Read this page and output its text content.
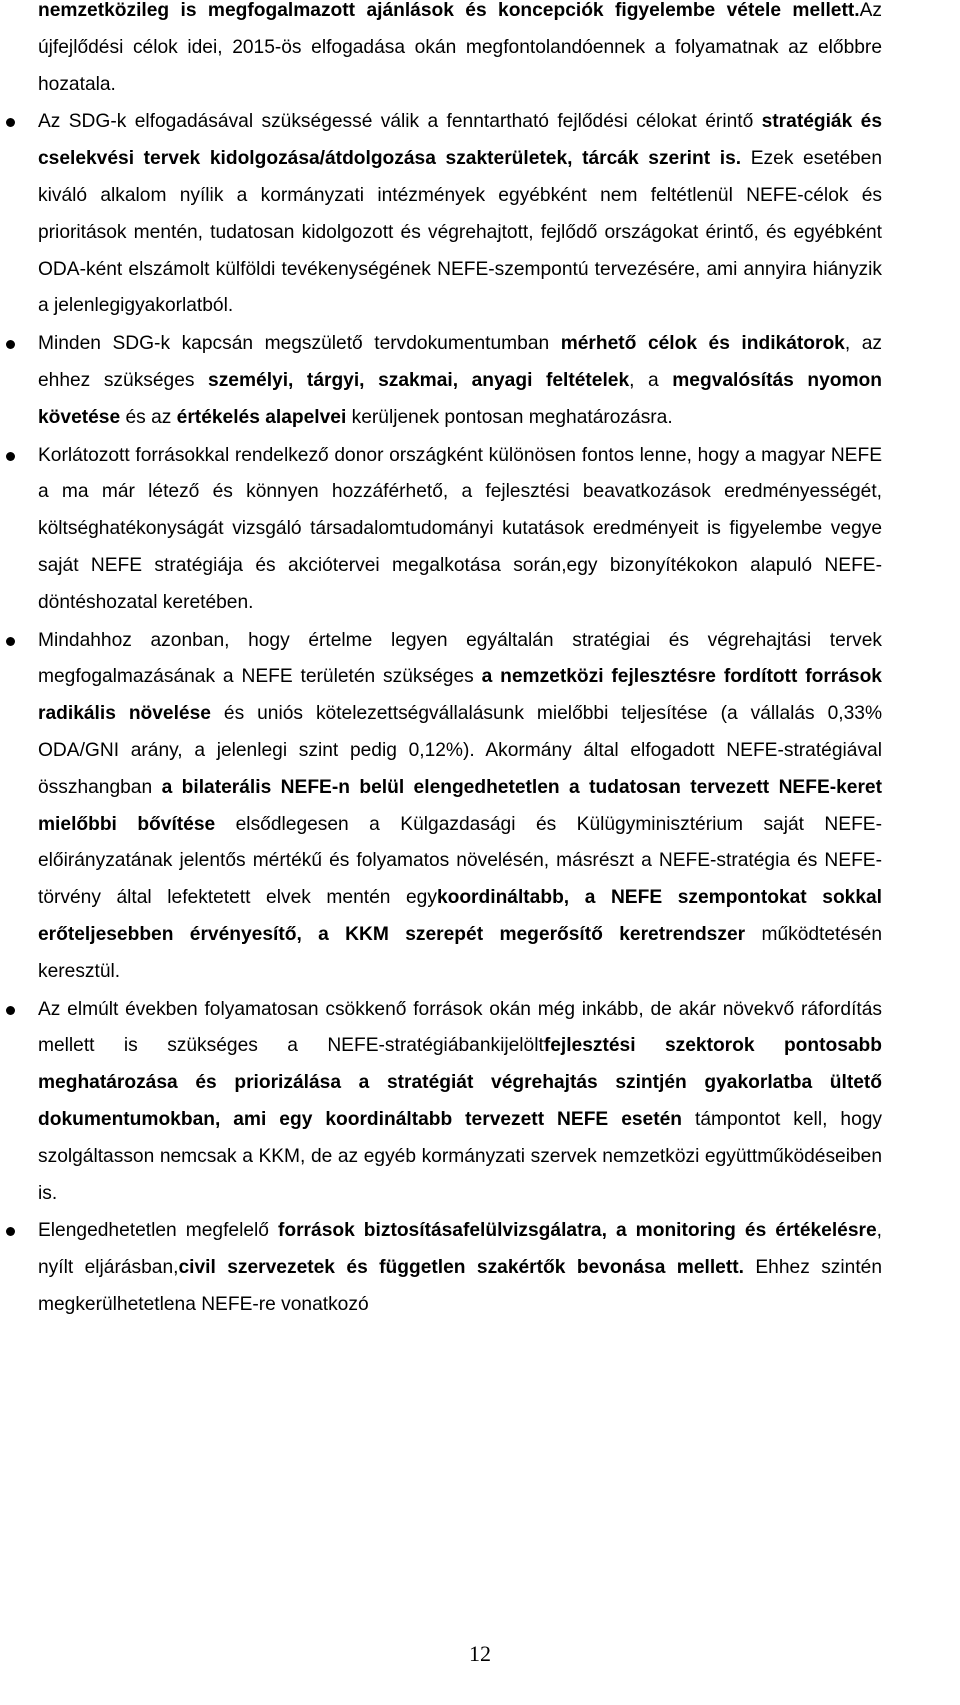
nemzetközileg is megfogalmazott ajánlások és koncepciók figyelembe vétele mellett.Az újfejlődési célok idei, 2015-ös elfogadása okán megfontolandóennek a folyamatnak az előbbre hozatala.

Az SDG-k elfogadásával szükségessé válik a fenntartható fejlődési célokat érintő stratégiák és cselekvési tervek kidolgozása/átdolgozása szakterületek, tárcák szerint is. Ezek esetében kiváló alkalom nyílik a kormányzati intézmények egyébként nem feltétlenül NEFE-célok és prioritások mentén, tudatosan kidolgozott és végrehajtott, fejlődő országokat érintő, és egyébként ODA-ként elszámolt külföldi tevékenységének NEFE-szempontú tervezésére, ami annyira hiányzik a jelenlegigyakorlatból.
Minden SDG-k kapcsán megszülető tervdokumentumban mérhető célok és indikátorok, az ehhez szükséges személyi, tárgyi, szakmai, anyagi feltételek, a megvalósítás nyomon követése és az értékelés alapelvei kerüljenek pontosan meghatározásra.
Korlátozott forrásokkal rendelkező donor országként különösen fontos lenne, hogy a magyar NEFE a ma már létező és könnyen hozzáférhető, a fejlesztési beavatkozások eredményességét, költséghatékonyságát vizsgáló társadalomtudományi kutatások eredményeit is figyelembe vegye saját NEFE stratégiája és akciótervei megalkotása során,egy bizonyítékokon alapuló NEFE-döntéshozatal keretében.
Mindahhoz azonban, hogy értelme legyen egyáltalán stratégiai és végrehajtási tervek megfogalmazásának a NEFE területén szükséges a nemzetközi fejlesztésre fordított források radikális növelése és uniós kötelezettségvállalásunk mielőbbi teljesítése (a vállalás 0,33% ODA/GNI arány, a jelenlegi szint pedig 0,12%). Akormány által elfogadott NEFE-stratégiával összhangban a bilaterális NEFE-n belül elengedhetetlen a tudatosan tervezett NEFE-keret mielőbbi bővítése elsődlegesen a Külgazdasági és Külügyminisztérium saját NEFE-előirányzatának jelentős mértékű és folyamatos növelésén, másrészt a NEFE-stratégia és NEFE-törvény által lefektetett elvek mentén egykoordináltabb, a NEFE szempontokat sokkal erőteljesebben érvényesítő, a KKM szerepét megerősítő keretrendszer működtetésén keresztül.
Az elmúlt években folyamatosan csökkenő források okán még inkább, de akár növekvő ráfordítás mellett is szükséges a NEFE-stratégiábankijelöltfejlesztési szektorok pontosabb meghatározása és priorizálása a stratégiát végrehajtás szintjén gyakorlatba ültető dokumentumokban, ami egy koordináltabb tervezett NEFE esetén támpontot kell, hogy szolgáltasson nemcsak a KKM, de az egyéb kormányzati szervek nemzetközi együttműködéseiben is.
Elengedhetetlen megfelelő források biztosításafelülvizsgálatra, a monitoring és értékelésre, nyílt eljárásban,civil szervezetek és független szakértők bevonása mellett. Ehhez szintén megkerülhetetlena NEFE-re vonatkozó
12
